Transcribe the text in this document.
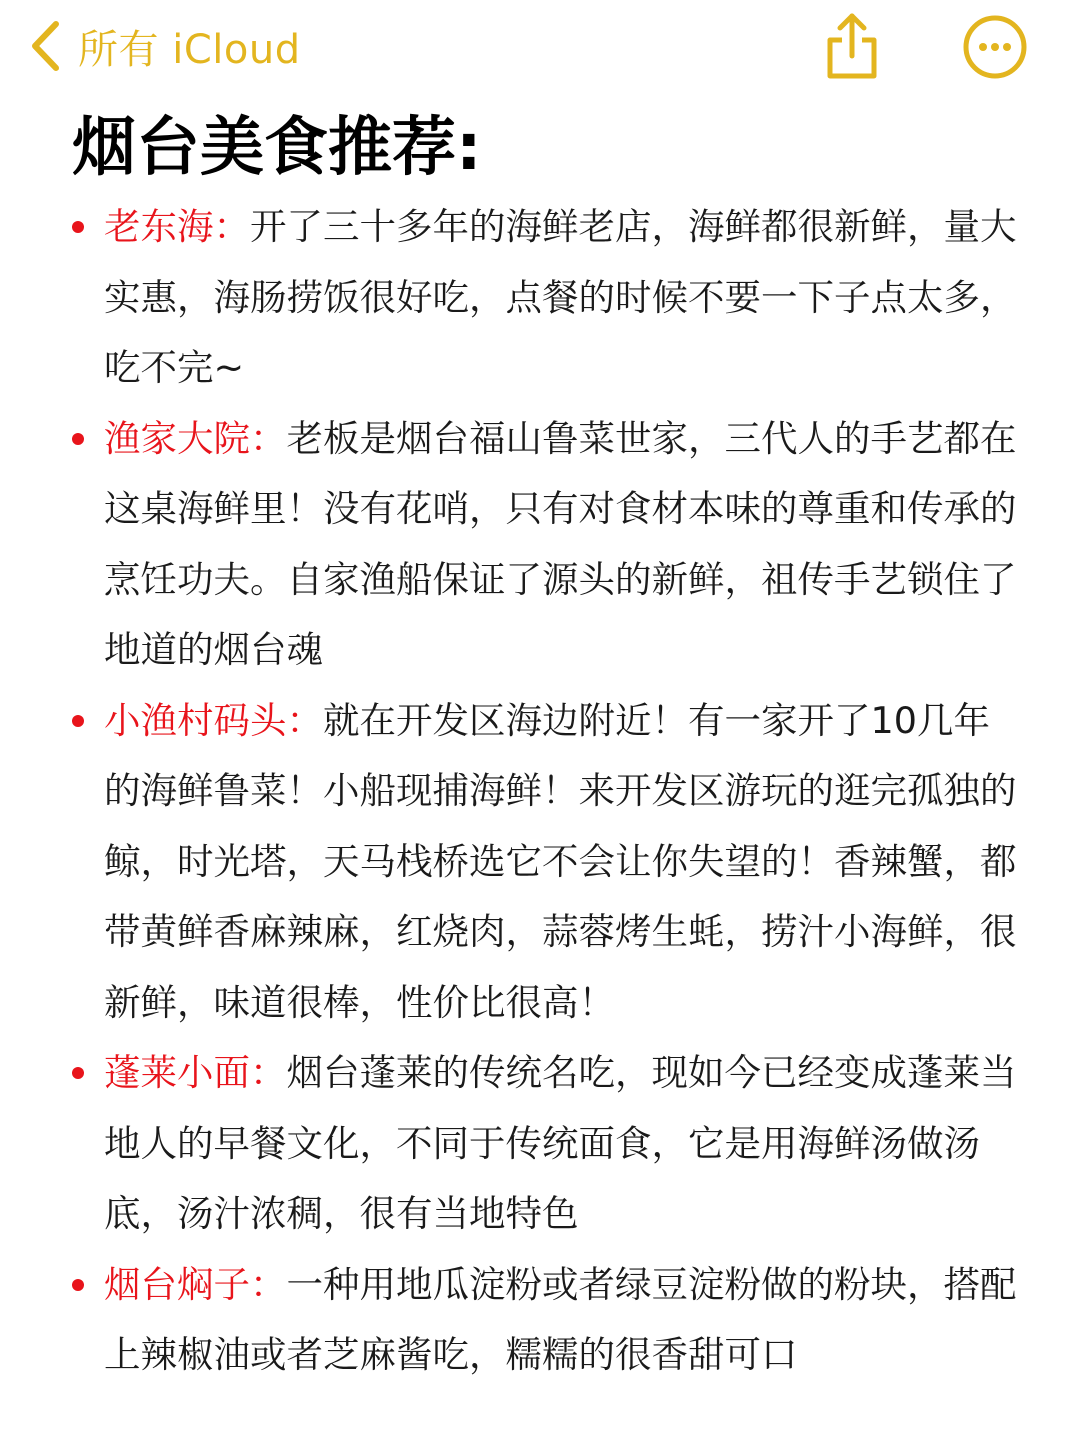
所有 iCloud
烟台美食推荐:
老东海：开了三十多年的海鲜老店，海鲜都很新鲜，量大实惠，海肠捞饭很好吃，点餐的时候不要一下子点太多，吃不完~
渔家大院：老板是烟台福山鲁菜世家，三代人的手艺都在这桌海鲜里！没有花哨，只有对食材本味的尊重和传承的烹饪功夫。自家渔船保证了源头的新鲜，祖传手艺锁住了地道的烟台魂
小渔村码头：就在开发区海边附近！有一家开了10几年的海鲜鲁菜！小船现捕海鲜！来开发区游玩的逛完孤独的鲸，时光塔，天马栈桥选它不会让你失望的！香辣蟹，都带黄鲜香麻辣麻，红烧肉，蒜蓉烤生蚝，捞汁小海鲜，很新鲜，味道很棒，性价比很高！
蓬莱小面：烟台蓬莱的传统名吃，现如今已经变成蓬莱当地人的早餐文化，不同于传统面食，它是用海鲜汤做汤底，汤汁浓稠，很有当地特色
烟台焖子：一种用地瓜淀粉或者绿豆淀粉做的粉块，搭配上辣椒油或者芝麻酱吃，糯糯的很香甜可口
